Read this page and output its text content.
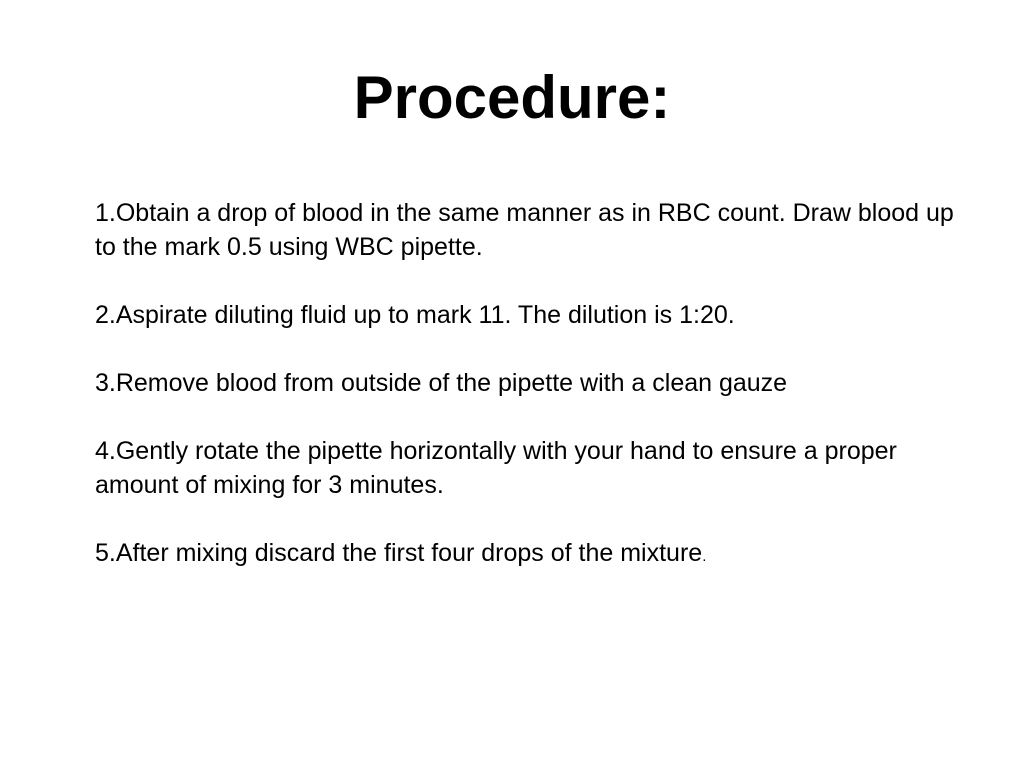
Procedure:
1.Obtain a drop of blood in the same manner as in RBC count. Draw blood up to the mark 0.5 using WBC pipette.
2.Aspirate diluting fluid up to mark 11. The dilution is 1:20.
3.Remove blood from outside of the pipette with a clean gauze
4.Gently rotate the pipette horizontally with your hand to ensure a proper amount of mixing for 3 minutes.
5.After mixing discard the first four drops of the mixture.
